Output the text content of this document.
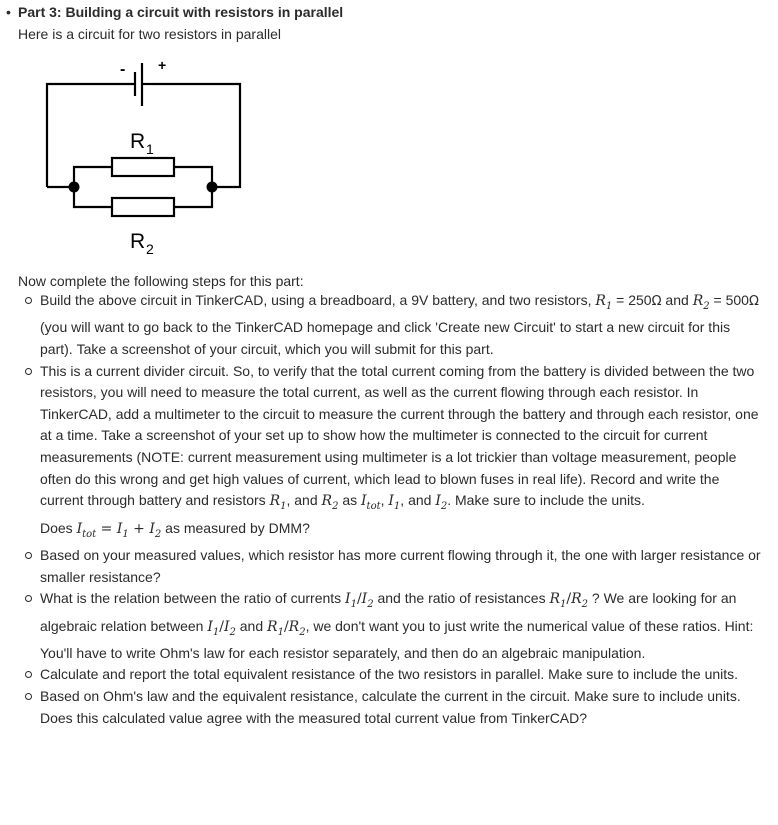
• Part 3: Building a circuit with resistors in parallel
Here is a circuit for two resistors in parallel
- +
R 1
R 2
Now complete the following steps for this part:
Build the above circuit in TinkerCAD, using a breadboard, a 9V battery, and two resistors, $R_1 = 250\Omega$ and $R_2 = 500\Omega$ (you will want to go back to the TinkerCAD homepage and click 'Create new Circuit' to start a new circuit for this part). Take a screenshot of your circuit, which you will submit for this part.
This is a current divider circuit. So, to verify that the total current coming from the battery is divided between the two resistors, you will need to measure the total current, as well as the current flowing through each resistor. In TinkerCAD, add a multimeter to the circuit to measure the current through the battery and through each resistor, one at a time. Take a screenshot of your set up to show how the multimeter is connected to the circuit for current measurements (NOTE: current measurement using multimeter is a lot trickier than voltage measurement, people often do this wrong and get high values of current, which lead to blown fuses in real life). Record and write the current through battery and resistors $R_1$, and $R_2$ as $I_{tot}$, $I_1$, and $I_2$. Make sure to include the units.
Does $I_{tot} = I_1 + I_2$ as measured by DMM?
Based on your measured values, which resistor has more current flowing through it, the one with larger resistance or smaller resistance?
What is the relation between the ratio of currents $I_1/I_2$ and the ratio of resistances $R_1/R_2$ ? We are looking for an algebraic relation between $I_1/I_2$ and $R_1/R_2$, we don't want you to just write the numerical value of these ratios. Hint: You'll have to write Ohm's law for each resistor separately, and then do an algebraic manipulation.
Calculate and report the total equivalent resistance of the two resistors in parallel. Make sure to include the units.
Based on Ohm's law and the equivalent resistance, calculate the current in the circuit. Make sure to include units.
Does this calculated value agree with the measured total current value from TinkerCAD?
